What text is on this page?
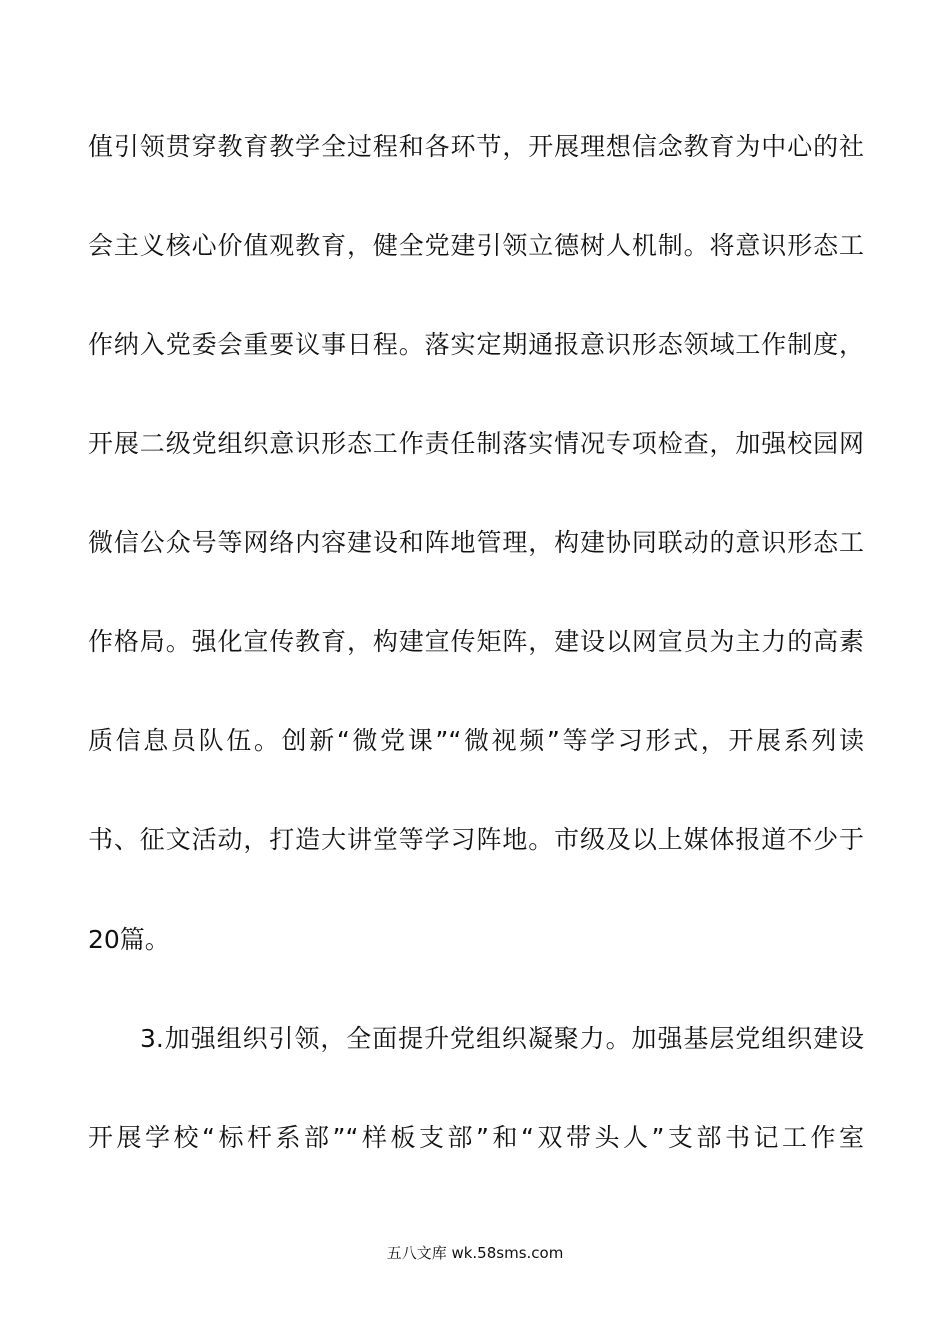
值引领贯穿教育教学全过程和各环节，开展理想信念教育为中心的社
会主义核心价值观教育，健全党建引领立德树人机制。将意识形态工
作纳入党委会重要议事日程。落实定期通报意识形态领域工作制度，
开展二级党组织意识形态工作责任制落实情况专项检查，加强校园网
微信公众号等网络内容建设和阵地管理，构建协同联动的意识形态工
作格局。强化宣传教育，构建宣传矩阵，建设以网宣员为主力的高素
质信息员队伍。创新“微党课”“微视频”等学习形式，开展系列读
书、征文活动，打造大讲堂等学习阵地。市级及以上媒体报道不少于
20篇。
3.加强组织引领，全面提升党组织凝聚力。加强基层党组织建设
开展学校“标杆系部”“样板支部”和“双带头人”支部书记工作室
五八文库 wk.58sms.com
